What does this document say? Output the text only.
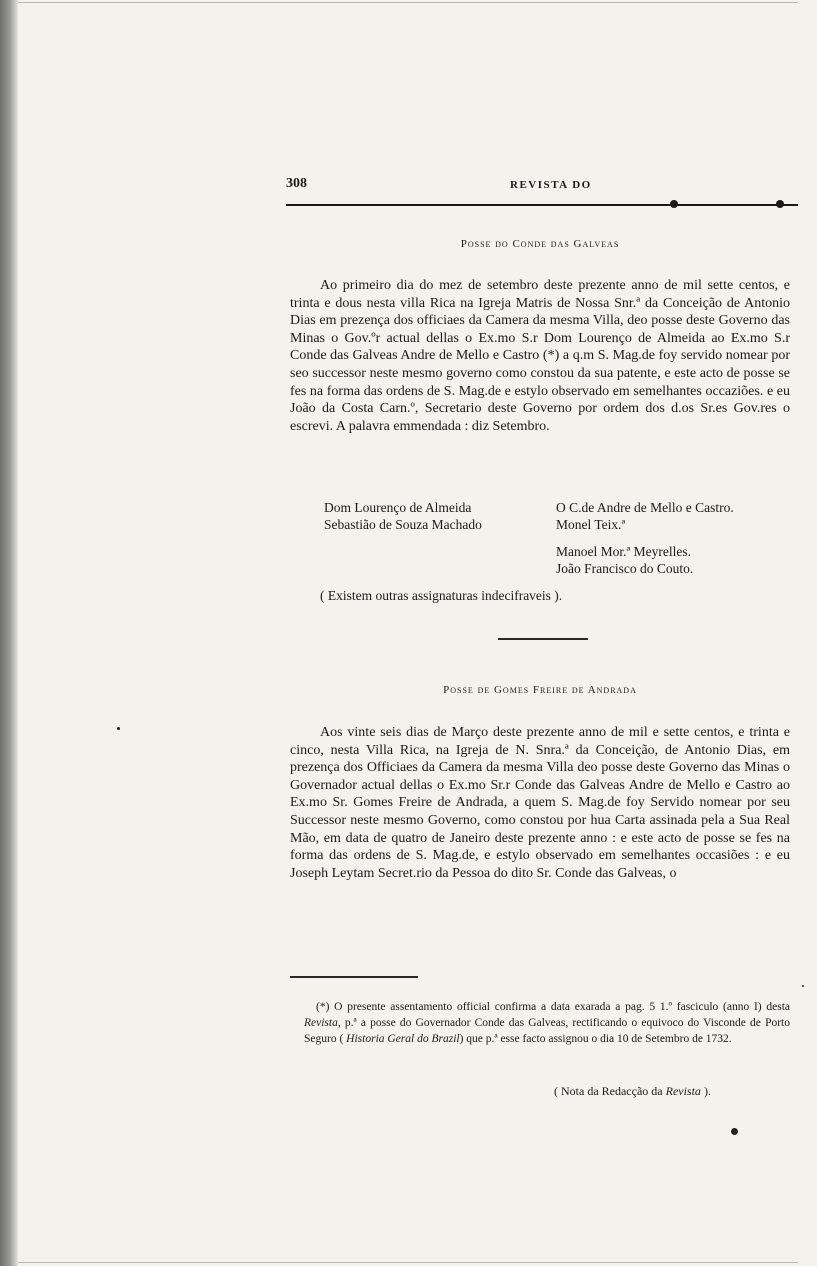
308	REVISTA DO
Posse do Conde das Galveas

Ao primeiro dia do mez de setembro deste prezente anno de mil sette centos, e trinta e dous nesta villa Rica na Igreja Matris de Nossa Snr.ª da Conceição de Antonio Dias em prezença dos officiaes da Camera da mesma Villa, deo posse deste Governo das Minas o Gov.ºr actual dellas o Ex.mo S.r Dom Lourenço de Almeida ao Ex.mo S.r Conde das Galveas Andre de Mello e Castro (*) a q.m S. Mag.de foy servido nomear por seo successor neste mesmo governo como constou da sua patente, e este acto de posse se fes na forma das ordens de S. Mag.de e estylo observado em semelhantes occaziões. e eu João da Costa Carn.º, Secretario deste Governo por ordem dos d.os Sr.es Gov.res o escrevi. A palavra emmendada : diz Setembro.

Dom Lourenço de Almeida
Sebastião de Souza Machado
O C.de Andre de Mello e Castro.
Monel Teix.ª
Manoel Mor.ª Meyrelles.
João Francisco do Couto.
( Existem outras assignaturas indecifraveis ).
Posse de Gomes Freire de Andrada

Aos vinte seis dias de Março deste prezente anno de mil e sette centos, e trinta e cinco, nesta Villa Rica, na Igreja de N. Snra.ª da Conceição, de Antonio Dias, em prezença dos Officiaes da Camera da mesma Villa deo posse deste Governo das Minas o Governador actual dellas o Ex.mo Sr.r Conde das Galveas Andre de Mello e Castro ao Ex.mo Sr. Gomes Freire de Andrada, a quem S. Mag.de foy Servido nomear por seu Successor neste mesmo Governo, como constou por hua Carta assinada pela a Sua Real Mão, em data de quatro de Janeiro deste prezente anno : e este acto de posse se fes na forma das ordens de S. Mag.de, e estylo observado em semelhantes occasiões : e eu Joseph Leytam Secret.rio da Pessoa do dito Sr. Conde das Galveas, o

(*) O presente assentamento official confirma a data exarada a pag. 5 1.º fasciculo (anno I) desta Revista, p.ª a posse do Governador Conde das Galveas, rectificando o equivoco do Visconde de Porto Seguro ( Historia Geral do Brazil) que p.ª esse facto assignou o dia 10 de Setembro de 1732.

( Nota da Redacção da Revista ).
